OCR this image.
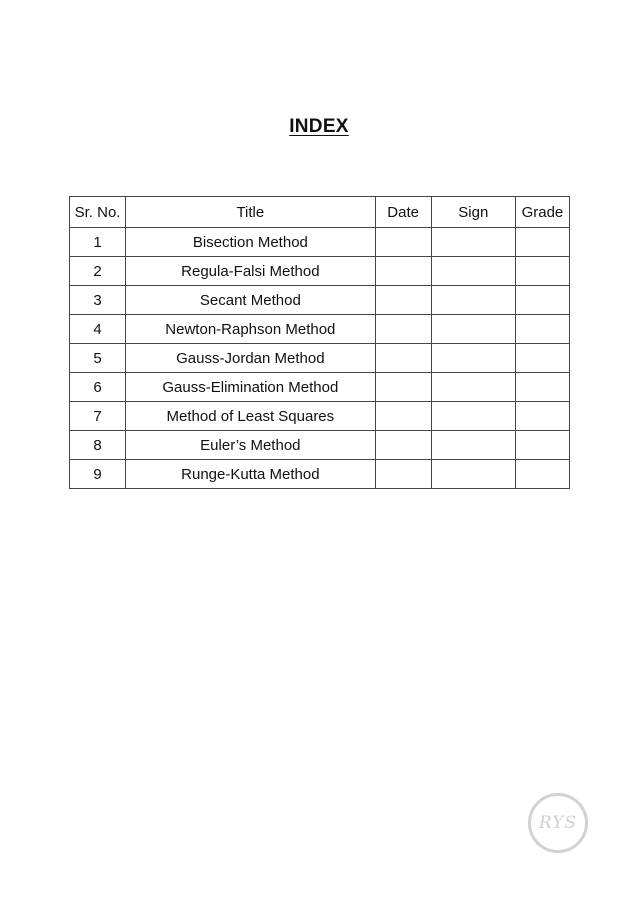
INDEX
Sr. No.	Title	Date	Sign	Grade
1	Bisection Method			
2	Regula-Falsi Method			
3	Secant Method			
4	Newton-Raphson Method			
5	Gauss-Jordan Method			
6	Gauss-Elimination Method			
7	Method of Least Squares			
8	Euler’s Method			
9	Runge-Kutta Method			
RYS
